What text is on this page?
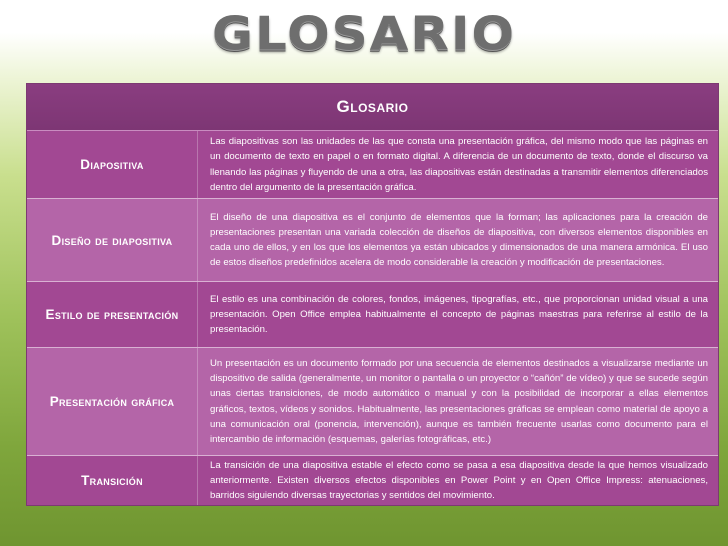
GLOSARIO
Glosario
Diapositiva
Las diapositivas son las unidades de las que consta una presentación gráfica, del mismo modo que las páginas en un documento de texto en papel o en formato digital. A diferencia de un documento de texto, donde el discurso va llenando las páginas y fluyendo de una a otra, las diapositivas están destinadas a transmitir elementos diferenciados dentro del argumento de la presentación gráfica.
Diseño de diapositiva
El diseño de una diapositiva es el conjunto de elementos que la forman; las aplicaciones para la creación de presentaciones presentan una variada colección de diseños de diapositiva, con diversos elementos disponibles en cada uno de ellos, y en los que los elementos ya están ubicados y dimensionados de una manera armónica. El uso de estos diseños predefinidos acelera de modo considerable la creación y modificación de presentaciones.
Estilo de presentación
El estilo es una combinación de colores, fondos, imágenes, tipografías, etc., que proporcionan unidad visual a una presentación. Open Office emplea habitualmente el concepto de páginas maestras para referirse al estilo de la presentación.
Presentación gráfica
Un presentación es un documento formado por una secuencia de elementos destinados a visualizarse mediante un dispositivo de salida (generalmente, un monitor o pantalla o un proyector o “cañón” de vídeo) y que se sucede según unas ciertas transiciones, de modo automático o manual y con la posibilidad de incorporar a ellas elementos gráficos, textos, vídeos y sonidos. Habitualmente, las presentaciones gráficas se emplean como material de apoyo a una comunicación oral (ponencia, intervención), aunque es también frecuente usarlas como documento para el intercambio de información (esquemas, galerías fotográficas, etc.)
Transición
La transición de una diapositiva estable el efecto como se pasa a esa diapositiva desde la que hemos visualizado anteriormente. Existen diversos efectos disponibles en Power Point y en Open Office Impress: atenuaciones, barridos siguiendo diversas trayectorias y sentidos del movimiento.
